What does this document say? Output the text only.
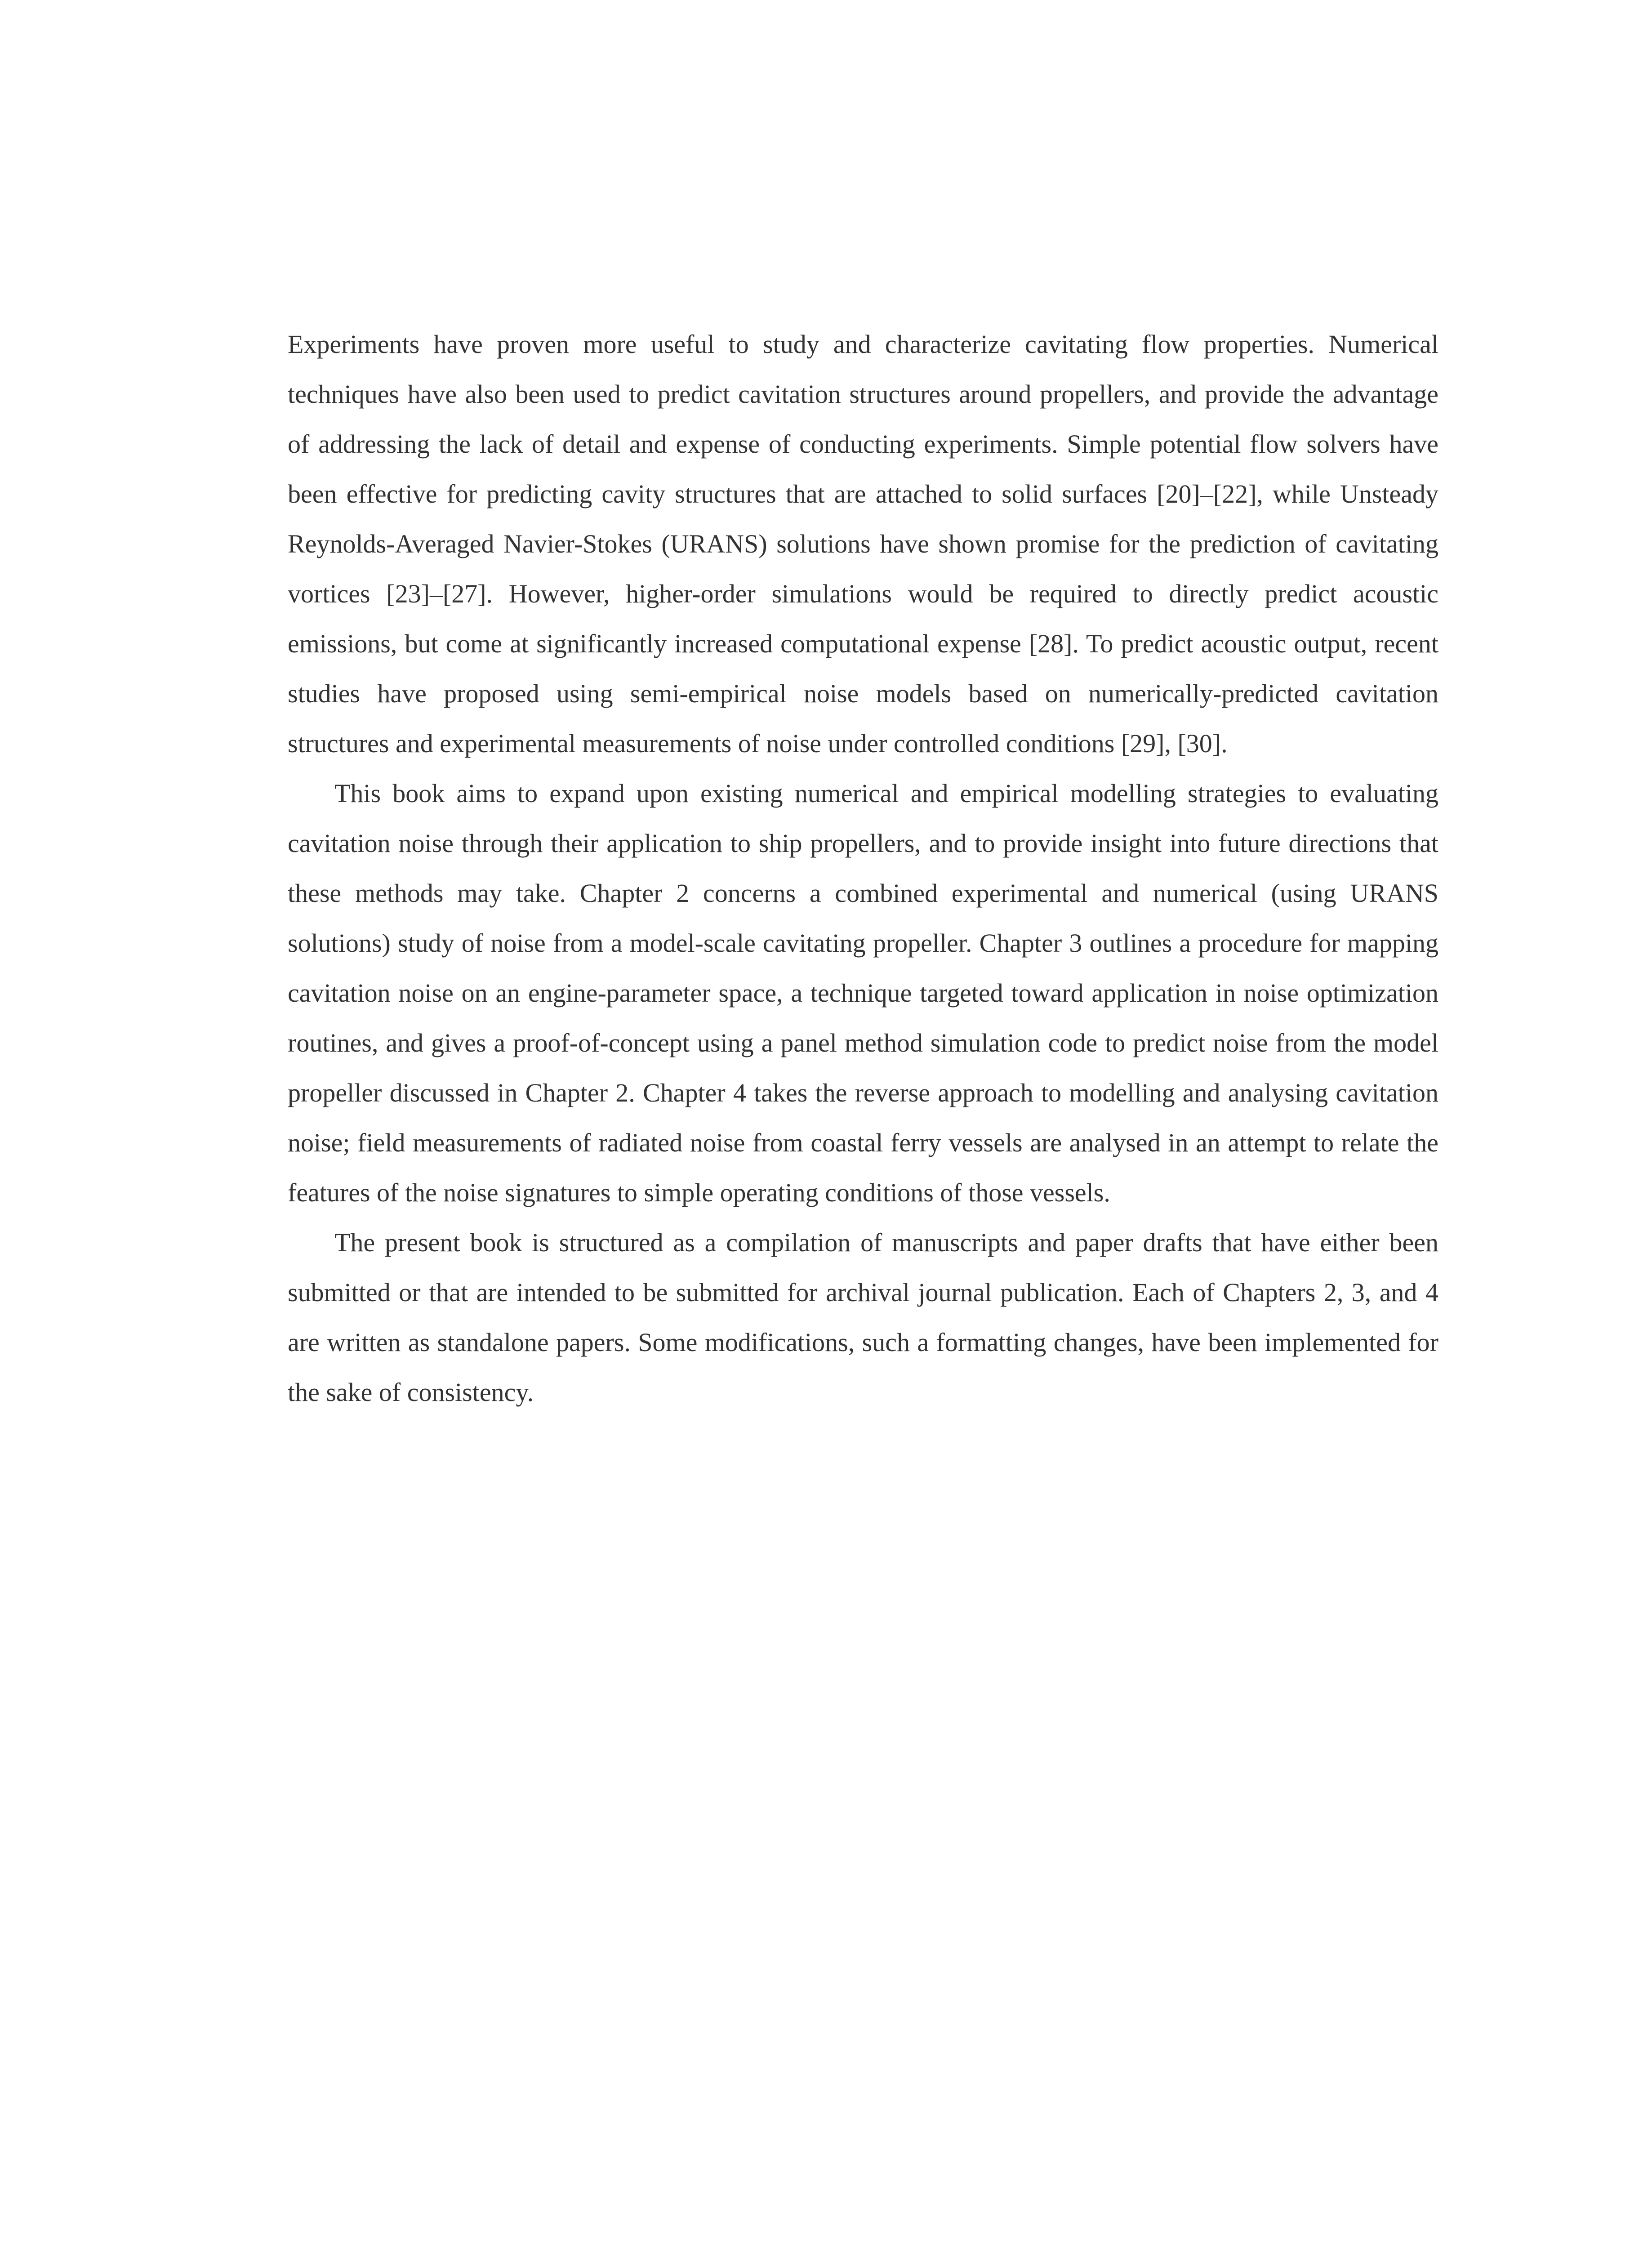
Experiments have proven more useful to study and characterize cavitating flow properties. Numerical techniques have also been used to predict cavitation structures around propellers, and provide the advantage of addressing the lack of detail and expense of conducting experiments. Simple potential flow solvers have been effective for predicting cavity structures that are attached to solid surfaces [20]–[22], while Unsteady Reynolds-Averaged Navier-Stokes (URANS) solutions have shown promise for the prediction of cavitating vortices [23]–[27]. However, higher-order simulations would be required to directly predict acoustic emissions, but come at significantly increased computational expense [28]. To predict acoustic output, recent studies have proposed using semi-empirical noise models based on numerically-predicted cavitation structures and experimental measurements of noise under controlled conditions [29], [30].

This book aims to expand upon existing numerical and empirical modelling strategies to evaluating cavitation noise through their application to ship propellers, and to provide insight into future directions that these methods may take. Chapter 2 concerns a combined experimental and numerical (using URANS solutions) study of noise from a model-scale cavitating propeller. Chapter 3 outlines a procedure for mapping cavitation noise on an engine-parameter space, a technique targeted toward application in noise optimization routines, and gives a proof-of-concept using a panel method simulation code to predict noise from the model propeller discussed in Chapter 2. Chapter 4 takes the reverse approach to modelling and analysing cavitation noise; field measurements of radiated noise from coastal ferry vessels are analysed in an attempt to relate the features of the noise signatures to simple operating conditions of those vessels.

The present book is structured as a compilation of manuscripts and paper drafts that have either been submitted or that are intended to be submitted for archival journal publication. Each of Chapters 2, 3, and 4 are written as standalone papers. Some modifications, such a formatting changes, have been implemented for the sake of consistency.
